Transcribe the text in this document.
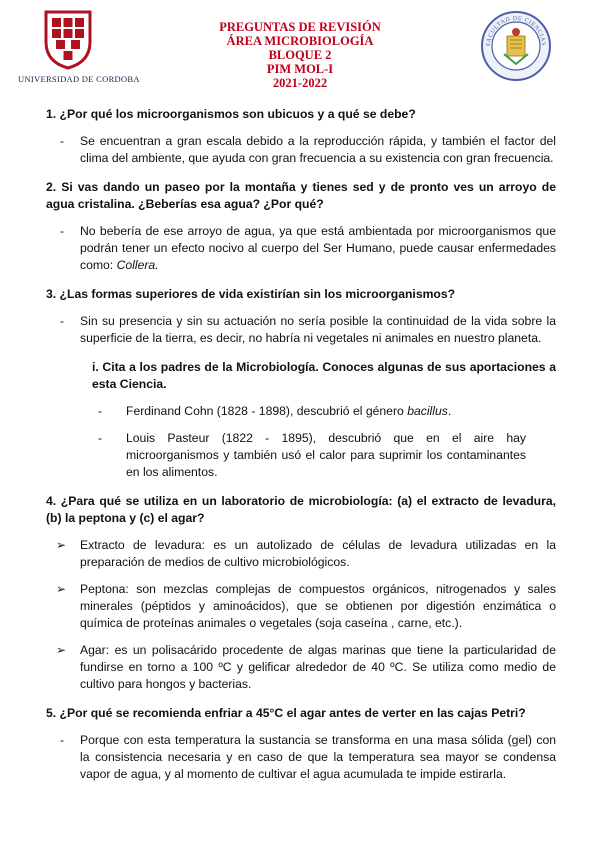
UNIVERSIDAD DE CORDOBA
PREGUNTAS DE REVISIÓN
ÁREA MICROBIOLOGÍA
BLOQUE 2
PIM MOL-I
2021-2022
FACULTAD DE CIENCIAS

1. ¿Por qué los microorganismos son ubicuos y a qué se debe?

- Se encuentran a gran escala debido a la reproducción rápida, y también el factor del clima del ambiente, que ayuda con gran frecuencia a su existencia con gran frecuencia.

2. Si vas dando un paseo por la montaña y tienes sed y de pronto ves un arroyo de agua cristalina. ¿Beberías esa agua? ¿Por qué?

- No bebería de ese arroyo de agua, ya que está ambientada por microorganismos que podrán tener un efecto nocivo al cuerpo del Ser Humano, puede causar enfermedades como: Collera.

3. ¿Las formas superiores de vida existirían sin los microorganismos?

- Sin su presencia y sin su actuación no sería posible la continuidad de la vida sobre la superficie de la tierra, es decir, no habría ni vegetales ni animales en nuestro planeta.

i. Cita a los padres de la Microbiología. Conoces algunas de sus aportaciones a esta Ciencia.

- Ferdinand Cohn (1828 - 1898), descubrió el género bacillus.

- Louis Pasteur (1822 - 1895), descubrió que en el aire hay microorganismos y también usó el calor para suprimir los contaminantes en los alimentos.

4. ¿Para qué se utiliza en un laboratorio de microbiología: (a) el extracto de levadura, (b) la peptona y (c) el agar?

➢ Extracto de levadura: es un autolizado de células de levadura utilizadas en la preparación de medios de cultivo microbiológicos.

➢ Peptona: son mezclas complejas de compuestos orgánicos, nitrogenados y sales minerales (péptidos y aminoácidos), que se obtienen por digestión enzimática o química de proteínas animales o vegetales (soja caseína , carne, etc.).

➢ Agar: es un polisacárido procedente de algas marinas que tiene la particularidad de fundirse en torno a 100 ºC y gelificar alrededor de 40 ºC. Se utiliza como medio de cultivo para hongos y bacterias.

5. ¿Por qué se recomienda enfriar a 45°C el agar antes de verter en las cajas Petri?

- Porque con esta temperatura la sustancia se transforma en una masa sólida (gel) con la consistencia necesaria y en caso de que la temperatura sea mayor se condensa vapor de agua, y al momento de cultivar el agua acumulada te impide estirarla.
